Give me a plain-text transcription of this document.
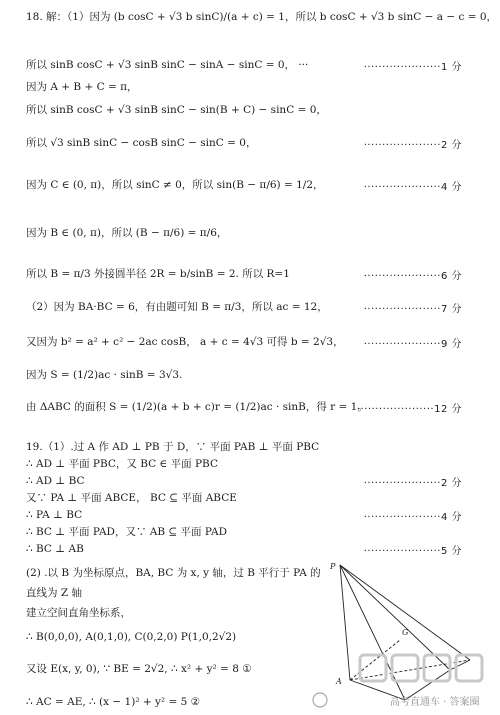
18. 解：（1）因为 (b cosC + √3 b sinC)/(a + c) = 1，所以 b cosC + √3 b sinC − a − c = 0，
所以 sinB cosC + √3 sinB sinC − sinA − sinC = 0， ···	·····················1 分
因为 A + B + C = π，
所以 sinB cosC + √3 sinB sinC − sin(B + C) − sinC = 0，
所以 √3 sinB sinC − cosB sinC − sinC = 0，	·····················2 分
因为 C ∈ (0, π)，所以 sinC ≠ 0，所以 sin(B − π/6) = 1/2，	·····················4 分
因为 B ∈ (0, π)，所以 (B − π/6) = π/6，
所以 B = π/3 外接圆半径 2R = b/sinB = 2. 所以 R=1	·····················6 分
（2）因为 BA·BC = 6，有由题可知 B = π/3，所以 ac = 12，	·····················7 分
又因为 b² = a² + c² − 2ac cosB， a + c = 4√3 可得 b = 2√3， ·····················9 分
因为 S = (1/2)ac · sinB = 3√3.
由 ΔABC 的面积 S = (1/2)(a + b + c)r = (1/2)ac · sinB，得 r = 1。
·····················12 分
19.（1）.过 A 作 AD ⊥ PB 于 D，∵ 平面 PAB ⊥ 平面 PBC
∴ AD ⊥ 平面 PBC，又 BC ∈ 平面 PBC
∴ AD ⊥ BC	·····················2 分
又∵ PA ⊥ 平面 ABCE， BC ⊆ 平面 ABCE
∴ PA ⊥ BC	·····················4 分
∴ BC ⊥ 平面 PAD，又∵ AB ⊆ 平面 PAD
∴ BC ⊥ AB	·····················5 分
(2) .以 B 为坐标原点，BA, BC 为 x, y 轴，过 B 平行于 PA 的
直线为 Z 轴
建立空间直角坐标系，
∴ B(0,0,0), A(0,1,0), C(0,2,0) P(1,0,2√2)
又设 E(x, y, 0), ∵ BE = 2√2, ∴ x² + y² = 8 ①
∴ AC = AE, ∴ (x − 1)² + y² = 5 ②
P
A
G
高考直通车 · 答案圈
